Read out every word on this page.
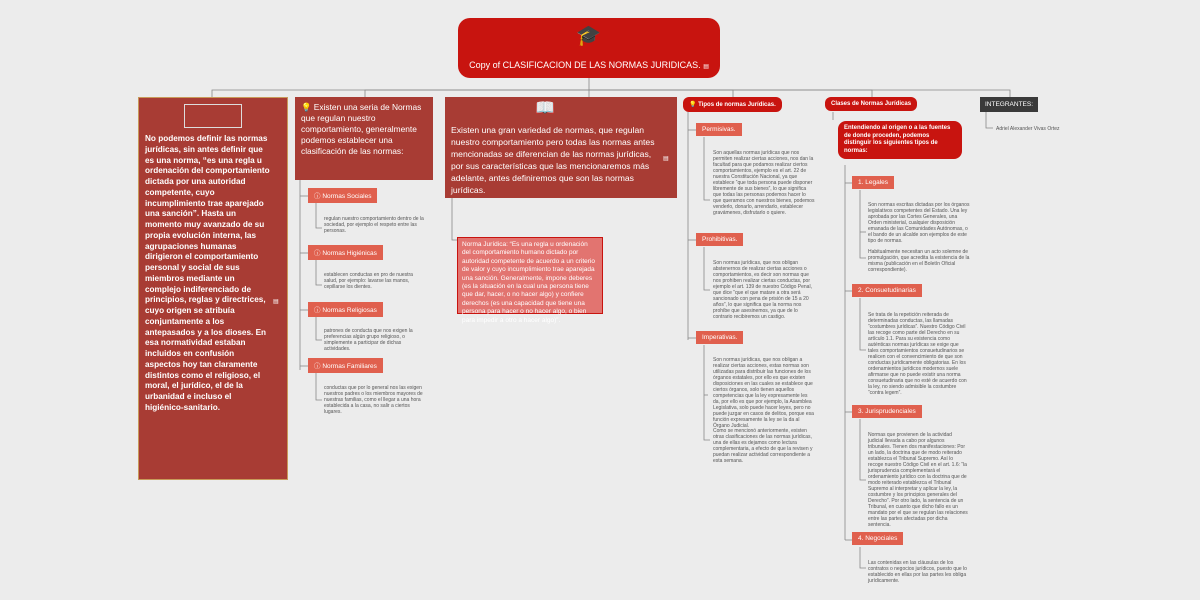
🎓
Copy of CLASIFICACION DE LAS NORMAS JURIDICAS. ▤
No podemos definir las normas jurídicas, sin antes definir que es una norma, “es una regla u ordenación del comportamiento dictada por una autoridad competente, cuyo incumplimiento trae aparejado una sanción”. Hasta un momento muy avanzado de su propia evolución interna, las agrupaciones humanas dirigieron el comportamiento personal y social de sus miembros mediante un complejo indiferenciado de principios, reglas y directrices, cuyo origen se atribuía conjuntamente a los antepasados y a los dioses. En esa normatividad estaban incluidos en confusión aspectos hoy tan claramente distintos como el religioso, el moral, el jurídico, el de la urbanidad e incluso el higiénico-sanitario.
▤
💡 Existen una seria de Normas que regulan nuestro comportamiento, generalmente podemos establecer una clasificación de las normas:
ⓘ Normas Sociales
regulan nuestro comportamiento dentro de la sociedad, por ejemplo el respeto entre las personas.
ⓘ Normas Higiénicas
establecen conductas en pro de nuestra salud, por ejemplo: lavarse las manos, cepillarse los dientes.
ⓘ Normas Religiosas
patrones de conducta que nos exigen la preferencias algún grupo religioso, o simplemente a participar de dichas actividades.
ⓘ Normas Familiares
conductas que por lo general nos las exigen nuestros padres o los miembros mayores de nuestras familias, como el llegar a una hora establecida a la casa, no salir a ciertos lugares.
📖
Existen una gran variedad de normas, que regulan nuestro comportamiento pero todas las normas antes mencionadas se diferencian de las normas jurídicas, por sus características que las mencionaremos más adelante, antes definiremos que son las normas jurídicas.
▤
Norma Jurídica: “Es una regla u ordenación del comportamiento humano dictado por autoridad competente de acuerdo a un criterio de valor y cuyo incumplimiento trae aparejada una sanción. Generalmente, impone deberes (es la situación en la cual una persona tiene que dar, hacer, o no hacer algo) y confiere derechos (es una capacidad que tiene una persona para hacer o no hacer algo, o bien para impedir a otro a hacer algo)”.
💡 Tipos de normas Jurídicas.
Permisivas.
Son aquellas normas jurídicas que nos permiten realizar ciertas acciones, nos dan la facultad para que podamos realizar ciertos comportamientos, ejemplo es el art. 22 de nuestra Constitución Nacional, ya que establece “que toda persona puede disponer libremente de sus bienes”, lo que significa que todas las personas podemos hacer lo que queramos con nuestros bienes, podemos venderlo, donarlo, arrendarlo, establecer gravámenes, disfrutarlo o quiere.
Prohibitivas.
Son normas jurídicas, que nos obligan abstenernos de realizar ciertas acciones o comportamientos, es decir son normas que nos prohiben realizar ciertas conductas, por ejemplo el art. 139 de nuestro Código Penal, que dice “que el que matare a otra será sancionado con pena de prisión de 15 a 20 años”, lo que significa que la norma nos prohíbe que asesinemos, ya que de lo contrario recibiremos un castigo.
Imperativas.
Son normas jurídicas, que nos obligan a realizar ciertas acciones, estas normas son utilizadas para distribuir las funciones de los órganos estatales, por ello es que existen disposiciones en las cuales se establece que ciertos órganos, solo tienen aquellos competencias que la ley expresamente les da, por ello es que por ejemplo, la Asamblea Legislativa, solo puede hacer leyes, pero no puede juzgar en casos de delitos, porque esa función expresamente la ley se la da al Órgano Judicial.
Como se mencionó anteriormente, existen otras clasificaciones de las normas jurídicas, una de ellas es dejamos como lectura complementaria, a efecto de que la revisen y puedan realizar actividad correspondiente a esta semana.
Clases de Normas Jurídicas
Entendiendo al origen o a las fuentes de donde proceden, podemos distinguir los siguientes tipos de normas:
1. Legales
Son normas escritas dictadas por los órganos legislativos competentes del Estado. Una ley aprobada por las Cortes Generales, una Orden ministerial, cualquier disposición emanada de las Comunidades Autónomas, o el bando de un alcalde son ejemplos de este tipo de normas.
Habitualmente necesitan un acto solemne de promulgación, que acredita la existencia de la misma (publicación en el Boletín Oficial correspondiente).
2. Consuetudinarias
Se trata de la repetición reiterada de determinadas conductas, las llamadas “costumbres jurídicas”. Nuestro Código Civil las recoge como parte del Derecho en su artículo 1.1. Para su existencia como auténticas normas jurídicas se exige que tales comportamientos consuetudinarios se realicen con el convencimiento de que son conductas jurídicamente obligatorias. En los ordenamientos jurídicos modernos suele afirmarse que no puede existir una norma consuetudinaria que no esté de acuerdo con la ley, no siendo admisible la costumbre “contra legem”.
3. Jurisprudenciales
Normas que provienen de la actividad judicial llevada a cabo por algunos tribunales. Tienen dos manifestaciones: Por un lado, la doctrina que de modo reiterado establezca el Tribunal Supremo. Así lo recoge nuestro Código Civil en el art. 1.6: “la jurisprudencia complementará el ordenamiento jurídico con la doctrina que de modo reiterado establezca el Tribunal Supremo al interpretar y aplicar la ley, la costumbre y los principios generales del Derecho”. Por otro lado, la sentencia de un Tribunal, en cuanto que dicho fallo es un mandato por el que se regulan las relaciones entre las partes afectadas por dicha sentencia.
4. Negociales
Las contenidas en las cláusulas de los contratos o negocios jurídicos, puesto que lo establecido en ellas por las partes les obliga jurídicamente.
INTEGRANTES:
Adriel Alexander Vivas Ortez
